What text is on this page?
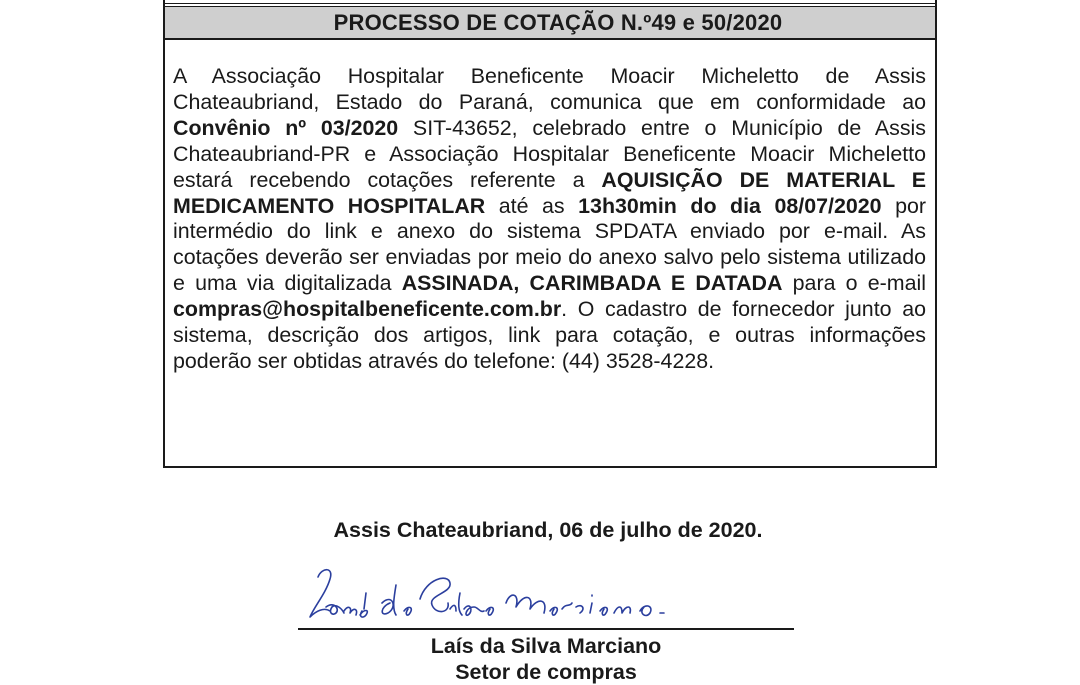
PROCESSO DE COTAÇÃO N.º49 e 50/2020
A Associação Hospitalar Beneficente Moacir Micheletto de Assis Chateaubriand, Estado do Paraná, comunica que em conformidade ao Convênio nº 03/2020 SIT-43652, celebrado entre o Município de Assis Chateaubriand-PR e Associação Hospitalar Beneficente Moacir Micheletto estará recebendo cotações referente a AQUISIÇÃO DE MATERIAL E MEDICAMENTO HOSPITALAR até as 13h30min do dia 08/07/2020 por intermédio do link e anexo do sistema SPDATA enviado por e-mail. As cotações deverão ser enviadas por meio do anexo salvo pelo sistema utilizado e uma via digitalizada ASSINADA, CARIMBADA E DATADA para o e-mail compras@hospitalbeneficente.com.br. O cadastro de fornecedor junto ao sistema, descrição dos artigos, link para cotação, e outras informações poderão ser obtidas através do telefone: (44) 3528-4228.
Assis Chateaubriand, 06 de julho de 2020.
Laís da Silva Marciano
Setor de compras
